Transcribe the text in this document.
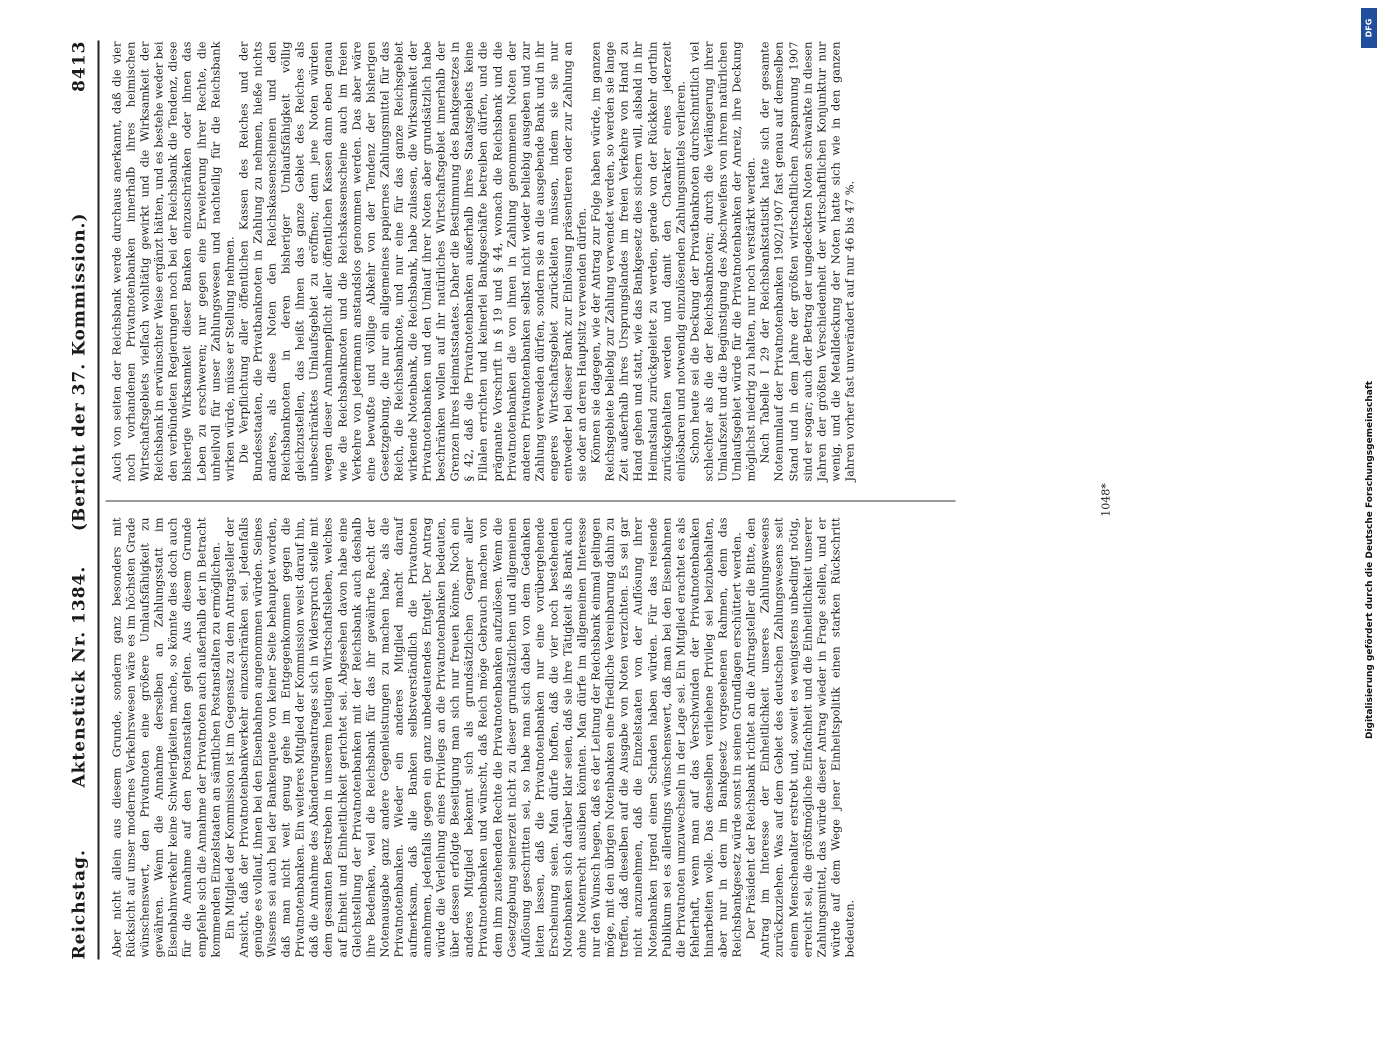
Reichstag.
Aktenstück Nr. 1384.     (Bericht der 37. Kommission.)
8413

Aber nicht allein aus diesem Grunde, sondern ganz besonders mit Rücksicht auf unser modernes Verkehrswesen wäre es im höchsten Grade wünschenswert, den Privatnoten eine größere Umlaufsfähigkeit zu gewähren. Wenn die Annahme derselben an Zahlungsstatt im Eisenbahnverkehr keine Schwierigkeiten mache, so könnte dies doch auch für die Annahme auf den Postanstalten gelten. Aus diesem Grunde empfehle sich die Annahme der Privatnoten auch außerhalb der in Betracht kommenden Einzelstaaten an sämtlichen Postanstalten zu ermöglichen. Ein Mitglied der Kommission ist im Gegensatz zu dem Antragsteller der Ansicht, daß der Privatnotenbankverkehr einzuschränken sei. Jedenfalls genüge es vollauf, ihnen bei den Eisenbahnen angenommen würden. Seines Wissens sei auch bei der Bankenquete von keiner Seite behauptet worden, daß man nicht weit genug gehe im Entgegenkommen gegen die Privatnotenbanken. Ein weiteres Mitglied der Kommission weist darauf hin, daß die Annahme des Abänderungsantrages sich in Widerspruch stelle mit dem gesamten Bestreben in unserem heutigen Wirtschaftsleben, welches auf Einheit und Einheitlichkeit gerichtet sei. Abgesehen davon habe eine Gleichstellung der Privatnotenbanken mit der Reichsbank auch deshalb ihre Bedenken, weil die Reichsbank für das ihr gewährte Recht der Notenausgabe ganz andere Gegenleistungen zu machen habe, als die Privatnotenbanken. Wieder ein anderes Mitglied macht darauf aufmerksam, daß alle Banken selbstverständlich die Privatnoten annehmen, jedenfalls gegen ein ganz unbedeutendes Entgelt. Der Antrag würde die Verleihung eines Privilegs an die Privatnotenbanken bedeuten, über dessen erfolgte Beseitigung man sich nur freuen könne. Noch ein anderes Mitglied bekennt sich als grundsätzlichen Gegner aller Privatnotenbanken und wünscht, daß Reich möge Gebrauch machen von dem ihm zustehenden Rechte die Privatnotenbanken aufzulösen. Wenn die Gesetzgebung seinerzeit nicht zu dieser grundsätzlichen und allgemeinen Auflösung geschritten sei, so habe man sich dabei von dem Gedanken leiten lassen, daß die Privatnotenbanken nur eine vorübergehende Erscheinung seien. Man dürfe hoffen, daß die vier noch bestehenden Notenbanken sich darüber klar seien, daß sie ihre Tätigkeit als Bank auch ohne Notenrecht ausüben könnten. Man dürfe im allgemeinen Interesse nur den Wunsch hegen, daß es der Leitung der Reichsbank einmal gelingen möge, mit den übrigen Notenbanken eine friedliche Vereinbarung dahin zu treffen, daß dieselben auf die Ausgabe von Noten verzichten. Es sei gar nicht anzunehmen, daß die Einzelstaaten von der Auflösung ihrer Notenbanken irgend einen Schaden haben würden. Für das reisende Publikum sei es allerdings wünschenswert, daß man bei den Eisenbahnen die Privatnoten umzuwechseln in der Lage sei. Ein Mitglied erachtet es als fehlerhaft, wenn man auf das Verschwinden der Privatnotenbanken hinarbeiten wolle. Das denselben verliehene Privileg sei beizubehalten, aber nur in dem im Bankgesetz vorgesehenen Rahmen, denn das Reichsbankgesetz würde sonst in seinen Grundlagen erschüttert werden. Der Präsident der Reichsbank richtet an die Antragsteller die Bitte, den Antrag im Interesse der Einheitlichkeit unseres Zahlungswesens zurückzuziehen. Was auf dem Gebiet des deutschen Zahlungswesens seit einem Menschenalter erstrebt und, soweit es wenigstens unbedingt nötig, erreicht sei, die größtmögliche Einfachheit und die Einheitlichkeit unserer Zahlungsmittel, das würde dieser Antrag wieder in Frage stellen, und er würde auf dem Wege jener Einheitspolitik einen starken Rückschritt bedeuten.

Auch von seiten der Reichsbank werde durchaus anerkannt, daß die vier noch vorhandenen Privatnotenbanken innerhalb ihres heimischen Wirtschaftsgebiets vielfach wohltätig gewirkt und die Wirksamkeit der Reichsbank in erwünschter Weise ergänzt hätten, und es bestehe weder bei den verbündeten Regierungen noch bei der Reichsbank die Tendenz, diese bisherige Wirksamkeit dieser Banken einzuschränken oder ihnen das Leben zu erschweren; nur gegen eine Erweiterung ihrer Rechte, die unheilvoll für unser Zahlungswesen und nachteilig für die Reichsbank wirken würde, müsse er Stellung nehmen. Die Verpflichtung aller öffentlichen Kassen des Reiches und der Bundesstaaten, die Privatbanknoten in Zahlung zu nehmen, hieße nichts anderes, als diese Noten den Reichskassenscheinen und den Reichsbanknoten in deren bisheriger Umlaufsfähigkeit völlig gleichzustellen, das heißt ihnen das ganze Gebiet des Reiches als unbeschränktes Umlaufsgebiet zu eröffnen; denn jene Noten würden wegen dieser Annahmepflicht aller öffentlichen Kassen dann eben genau wie die Reichsbanknoten und die Reichskassenscheine auch im freien Verkehre von jedermann anstandslos genommen werden. Das aber wäre eine bewußte und völlige Abkehr von der Tendenz der bisherigen Gesetzgebung, die nur ein allgemeines papiernes Zahlungsmittel für das Reich, die Reichsbanknote, und nur eine für das ganze Reichsgebiet wirkende Notenbank, die Reichsbank, habe zulassen, die Wirksamkeit der Privatnotenbanken und den Umlauf ihrer Noten aber grundsätzlich habe beschränken wollen auf ihr natürliches Wirtschaftsgebiet innerhalb der Grenzen ihres Heimatsstaates. Daher die Bestimmung des Bankgesetzes in § 42, daß die Privatnotenbanken außerhalb ihres Staatsgebiets keine Filialen errichten und keinerlei Bankgeschäfte betreiben dürfen, und die prägnante Vorschrift in § 19 und § 44, wonach die Reichsbank und die Privatnotenbanken die von ihnen in Zahlung genommenen Noten der anderen Privatnotenbanken selbst nicht wieder beliebig ausgeben und zur Zahlung verwenden dürfen, sondern sie an die ausgebende Bank und in ihr engeres Wirtschaftsgebiet zurückleiten müssen, indem sie sie nur entweder bei dieser Bank zur Einlösung präsentieren oder zur Zahlung an sie oder an deren Hauptsitz verwenden dürfen. Können sie dagegen, wie der Antrag zur Folge haben würde, im ganzen Reichsgebiete beliebig zur Zahlung verwendet werden, so werden sie lange Zeit außerhalb ihres Ursprungslandes im freien Verkehre von Hand zu Hand gehen und statt, wie das Bankgesetz dies sichern will, alsbald in ihr Heimatsland zurückgeleitet zu werden, gerade von der Rückkehr dorthin zurückgehalten werden und damit den Charakter eines jederzeit einlösbaren und notwendig einzulösenden Zahlungsmittels verlieren. Schon heute sei die Deckung der Privatbanknoten durchschnittlich viel schlechter als die der Reichsbanknoten; durch die Verlängerung ihrer Umlaufszeit und die Begünstigung des Abschweifens von ihrem natürlichen Umlaufsgebiet würde für die Privatnotenbanken der Anreiz, ihre Deckung möglichst niedrig zu halten, nur noch verstärkt werden. Nach Tabelle I 29 der Reichsbankstatistik hatte sich der gesamte Notenumlauf der Privatnotenbanken 1902/1907 fast genau auf demselben Stand und in dem Jahre der größten wirtschaftlichen Anspannung 1907 sind er sogar; auch der Betrag der ungedeckten Noten schwankte in diesen Jahren der größten Verschiedenheit der wirtschaftlichen Konjunktur nur wenig, und die Metalldeckung der Noten hatte sich wie in den ganzen Jahren vorher fast unverändert auf nur 46 bis 47 %.

1048*	Digitalisierung gefördert durch die Deutsche Forschungsgemeinschaft
DFG
